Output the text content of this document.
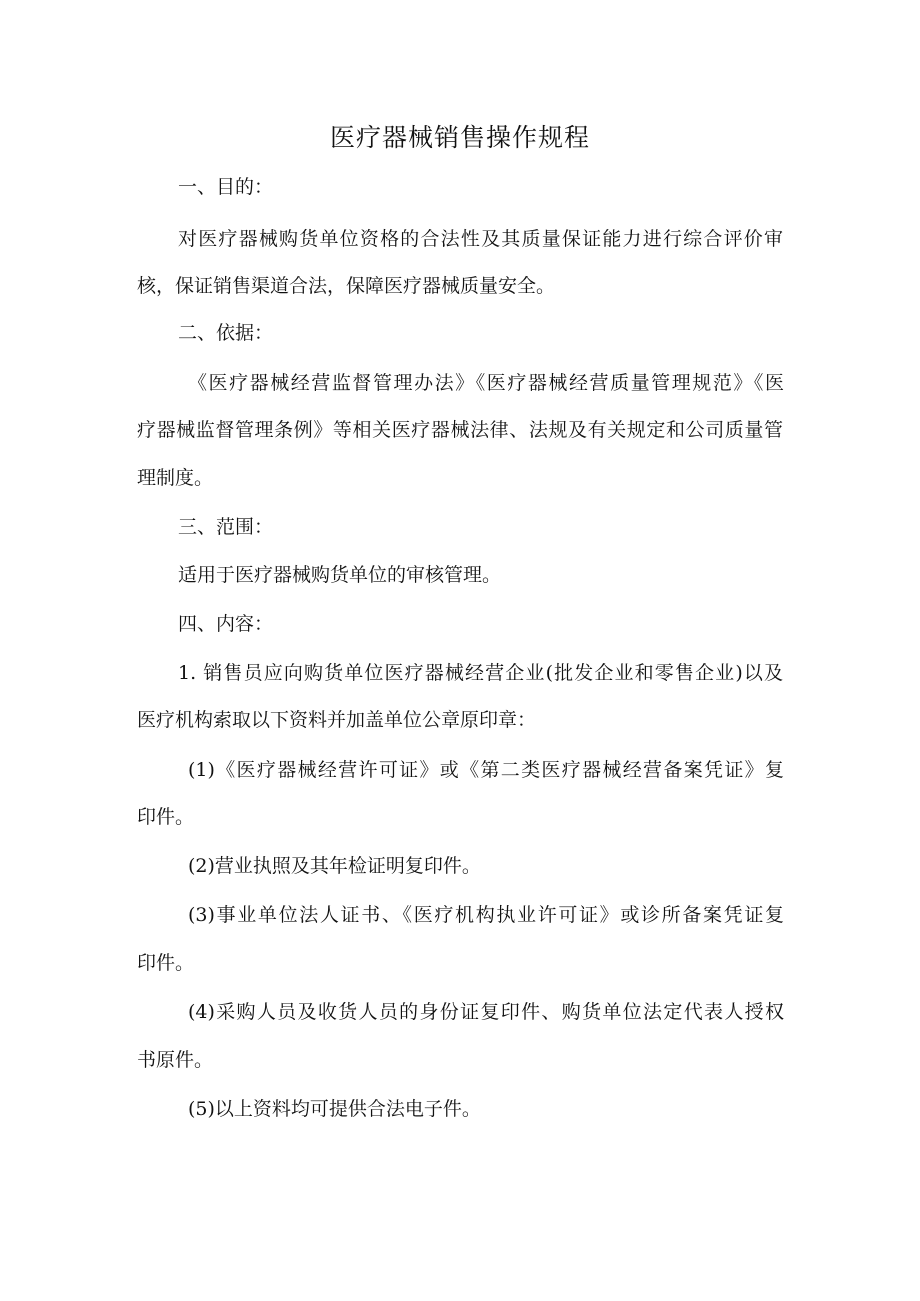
医疗器械销售操作规程
一、目的：
对医疗器械购货单位资格的合法性及其质量保证能力进行综合评价审
核，保证销售渠道合法，保障医疗器械质量安全。
二、依据：
《医疗器械经营监督管理办法》《医疗器械经营质量管理规范》《医
疗器械监督管理条例》等相关医疗器械法律、法规及有关规定和公司质量管
理制度。
三、范围：
适用于医疗器械购货单位的审核管理。
四、内容：
1. 销售员应向购货单位医疗器械经营企业(批发企业和零售企业)以及
医疗机构索取以下资料并加盖单位公章原印章：
(1)《医疗器械经营许可证》或《第二类医疗器械经营备案凭证》复
印件。
(2)营业执照及其年检证明复印件。
(3)事业单位法人证书、《医疗机构执业许可证》或诊所备案凭证复
印件。
(4)采购人员及收货人员的身份证复印件、购货单位法定代表人授权
书原件。
(5)以上资料均可提供合法电子件。
